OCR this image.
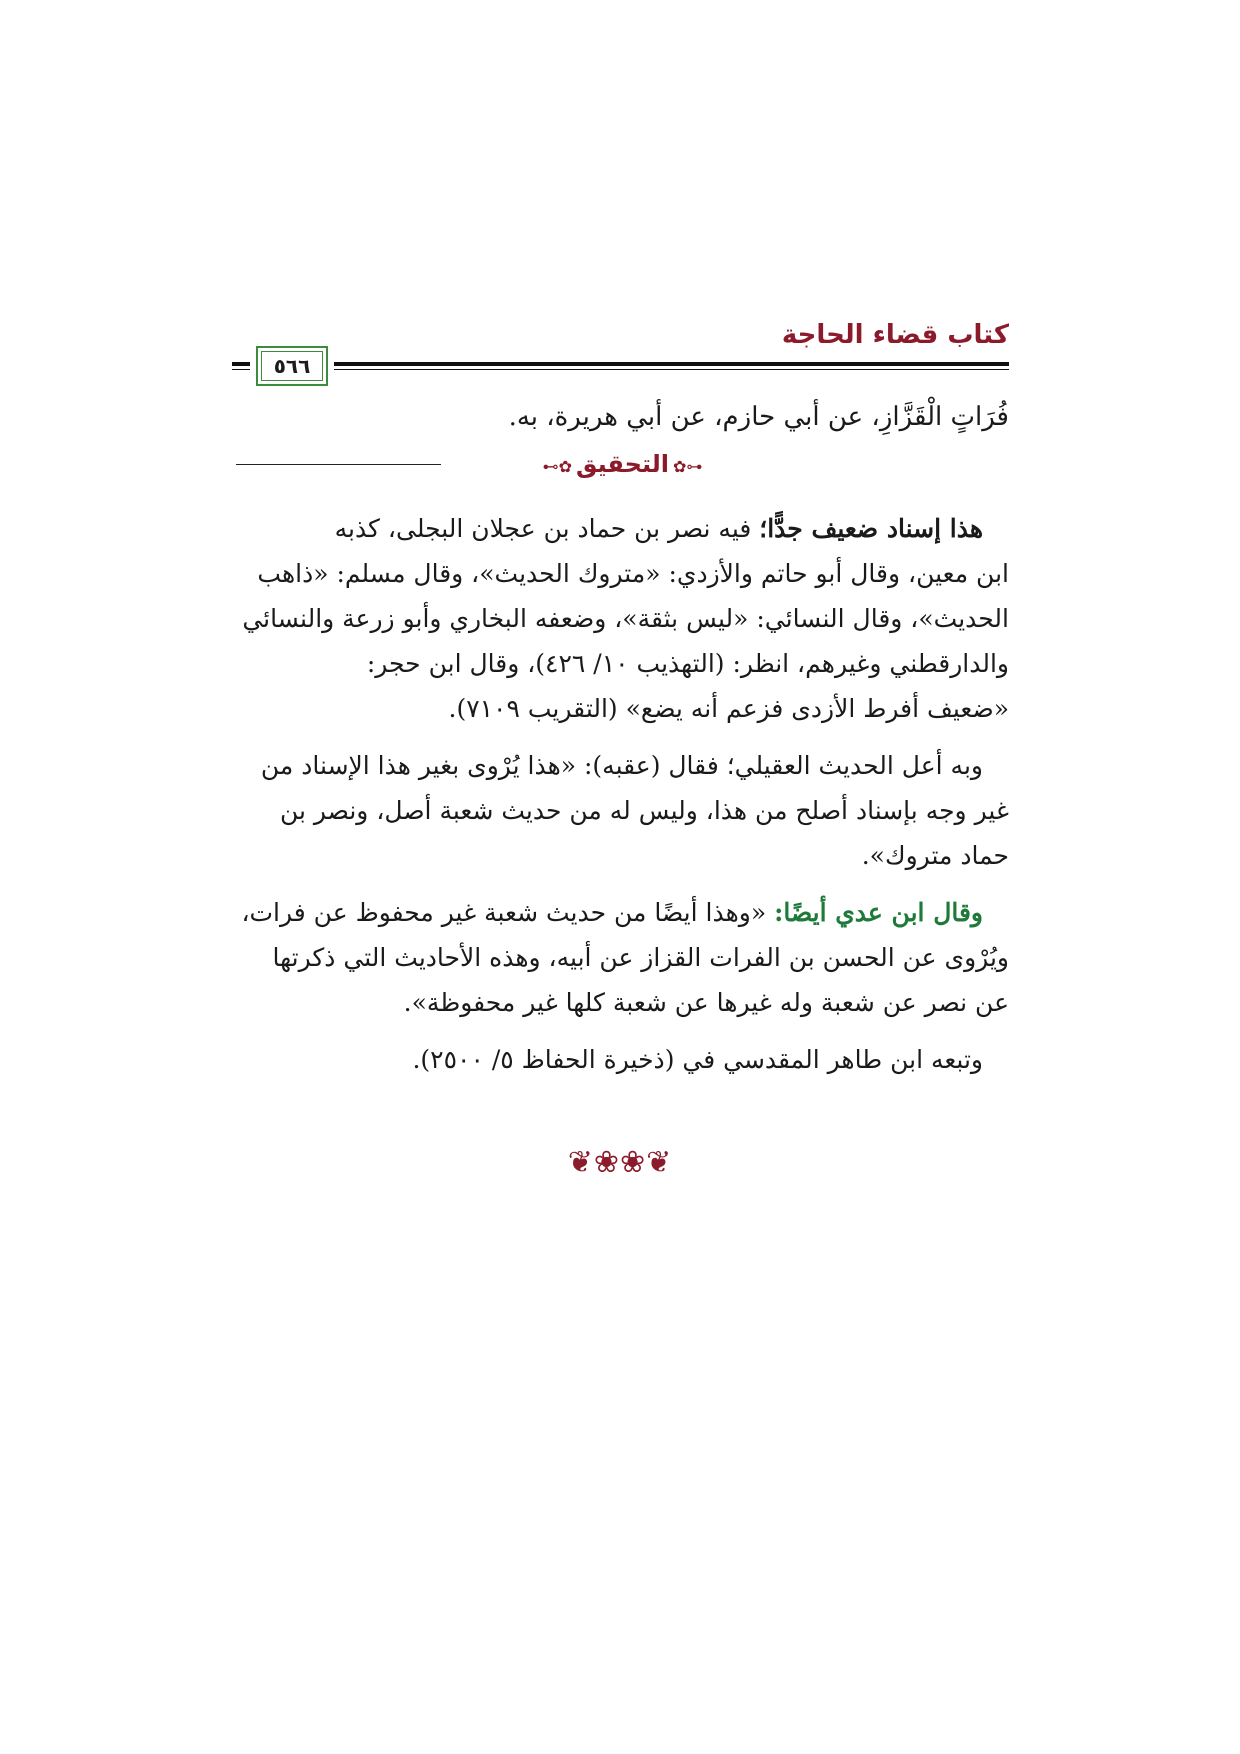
كتاب قضاء الحاجة
٥٦٦
فُرَاتٍ الْقَزَّازِ، عن أبي حازم، عن أبي هريرة، به.
⊷✿التحقيق✿⊶
هذا إسناد ضعيف جدًّا؛ فيه نصر بن حماد بن عجلان البجلى، كذبه
ابن معين، وقال أبو حاتم والأزدي: «متروك الحديث»، وقال مسلم: «ذاهب
الحديث»، وقال النسائي: «ليس بثقة»، وضعفه البخاري وأبو زرعة والنسائي
والدارقطني وغيرهم، انظر: (التهذيب ١٠/ ٤٢٦)، وقال ابن حجر:
«ضعيف أفرط الأزدى فزعم أنه يضع» (التقريب ٧١٠٩).
وبه أعل الحديث العقيلي؛ فقال (عقبه): «هذا يُرْوى بغير هذا الإسناد من
غير وجه بإسناد أصلح من هذا، وليس له من حديث شعبة أصل، ونصر بن
حماد متروك».
وقال ابن عدي أيضًا: «وهذا أيضًا من حديث شعبة غير محفوظ عن فرات،
ويُرْوى عن الحسن بن الفرات القزاز عن أبيه، وهذه الأحاديث التي ذكرتها
عن نصر عن شعبة وله غيرها عن شعبة كلها غير محفوظة».
وتبعه ابن طاهر المقدسي في (ذخيرة الحفاظ ٥/ ٢٥٠٠).
❦❀❀❦
